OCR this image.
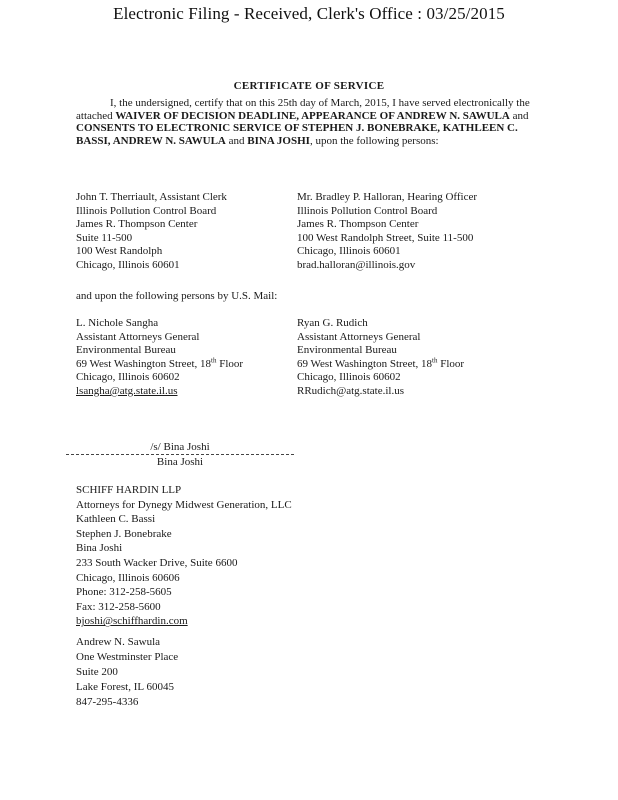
Electronic Filing - Received, Clerk's Office : 03/25/2015
CERTIFICATE OF SERVICE
I, the undersigned, certify that on this 25th day of March, 2015, I have served electronically the attached WAIVER OF DECISION DEADLINE, APPEARANCE OF ANDREW N. SAWULA and CONSENTS TO ELECTRONIC SERVICE OF STEPHEN J. BONEBRAKE, KATHLEEN C. BASSI, ANDREW N. SAWULA and BINA JOSHI, upon the following persons:
John T. Therriault, Assistant Clerk
Illinois Pollution Control Board
James R. Thompson Center
Suite 11-500
100 West Randolph
Chicago, Illinois 60601
Mr. Bradley P. Halloran, Hearing Officer
Illinois Pollution Control Board
James R. Thompson Center
100 West Randolph Street, Suite 11-500
Chicago, Illinois 60601
brad.halloran@illinois.gov
and upon the following persons by U.S. Mail:
L. Nichole Sangha
Assistant Attorneys General
Environmental Bureau
69 West Washington Street, 18th Floor
Chicago, Illinois 60602
lsangha@atg.state.il.us
Ryan G. Rudich
Assistant Attorneys General
Environmental Bureau
69 West Washington Street, 18th Floor
Chicago, Illinois 60602
RRudich@atg.state.il.us
/s/ Bina Joshi
Bina Joshi
SCHIFF HARDIN LLP
Attorneys for Dynegy Midwest Generation, LLC
Kathleen C. Bassi
Stephen J. Bonebrake
Bina Joshi
233 South Wacker Drive, Suite 6600
Chicago, Illinois 60606
Phone: 312-258-5605
Fax: 312-258-5600
bjoshi@schiffhardin.com
Andrew N. Sawula
One Westminster Place
Suite 200
Lake Forest, IL 60045
847-295-4336
